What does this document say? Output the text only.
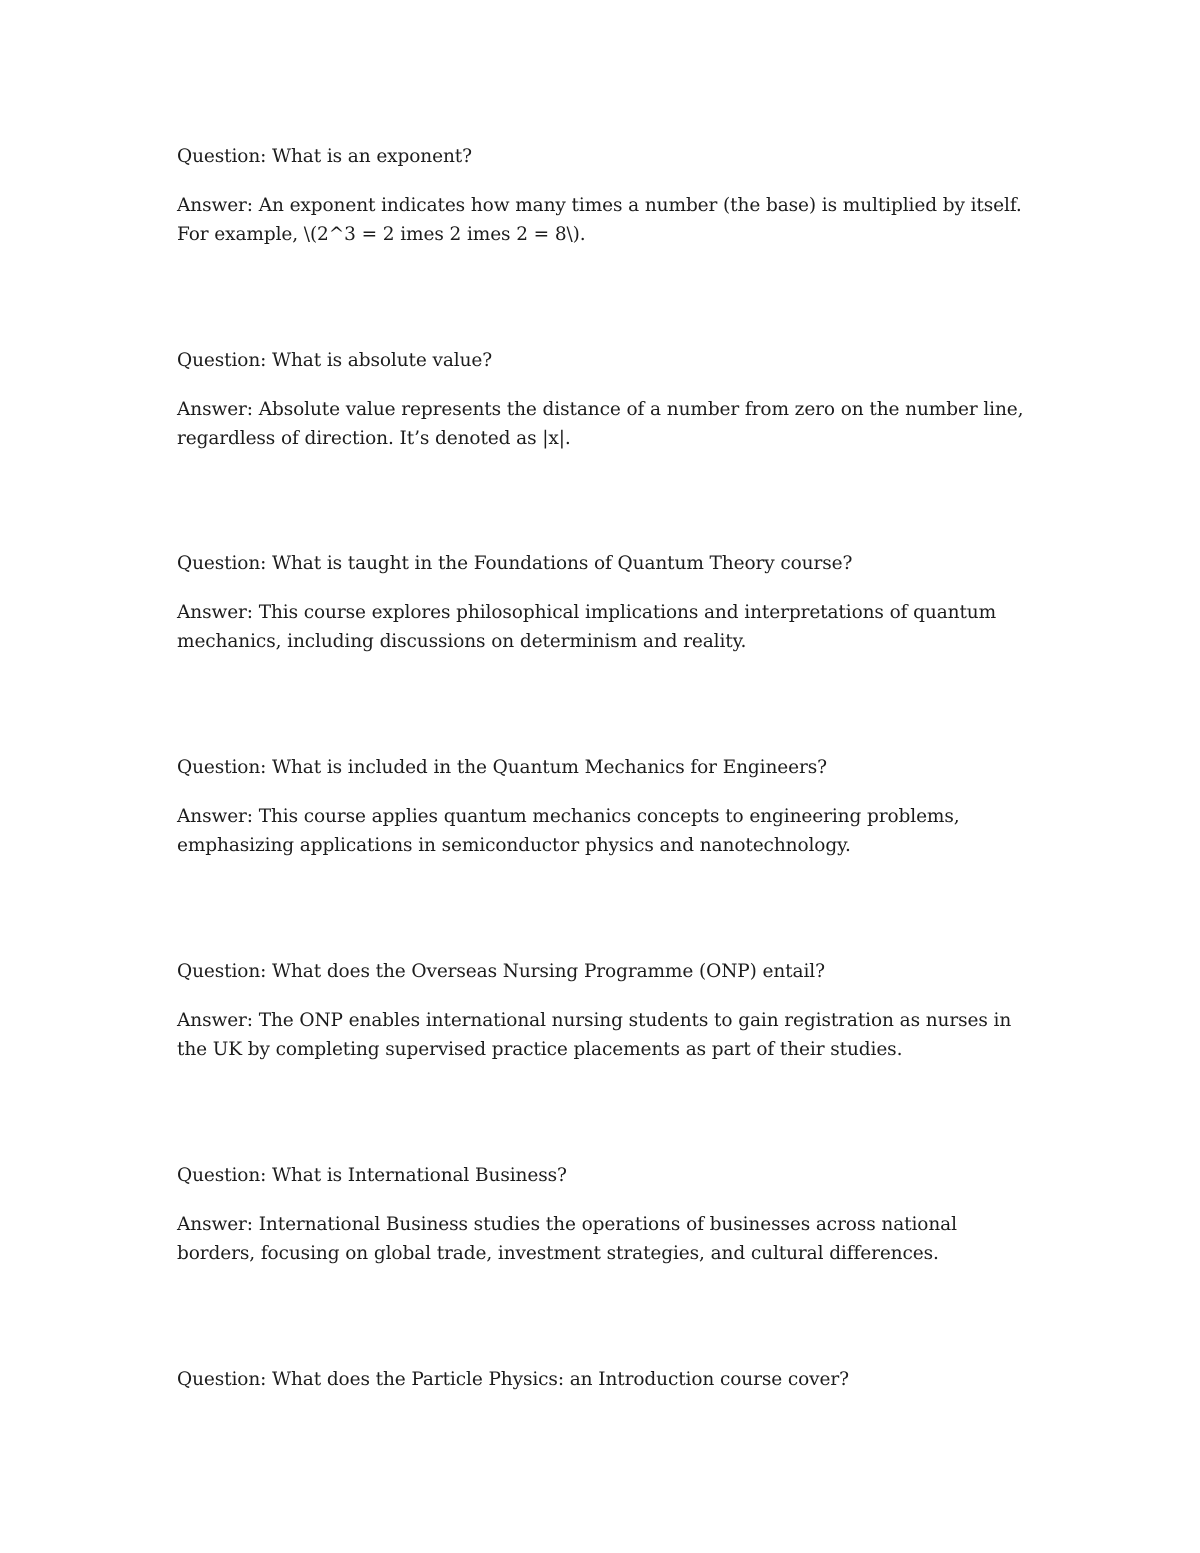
Question: What is an exponent?

Answer: An exponent indicates how many times a number (the base) is multiplied by itself. For example, \(2^3 = 2 imes 2 imes 2 = 8\).

Question: What is absolute value?

Answer: Absolute value represents the distance of a number from zero on the number line, regardless of direction. It’s denoted as |x|.

Question: What is taught in the Foundations of Quantum Theory course?

Answer: This course explores philosophical implications and interpretations of quantum mechanics, including discussions on determinism and reality.

Question: What is included in the Quantum Mechanics for Engineers?

Answer: This course applies quantum mechanics concepts to engineering problems, emphasizing applications in semiconductor physics and nanotechnology.

Question: What does the Overseas Nursing Programme (ONP) entail?

Answer: The ONP enables international nursing students to gain registration as nurses in the UK by completing supervised practice placements as part of their studies.

Question: What is International Business?

Answer: International Business studies the operations of businesses across national borders, focusing on global trade, investment strategies, and cultural differences.

Question: What does the Particle Physics: an Introduction course cover?
